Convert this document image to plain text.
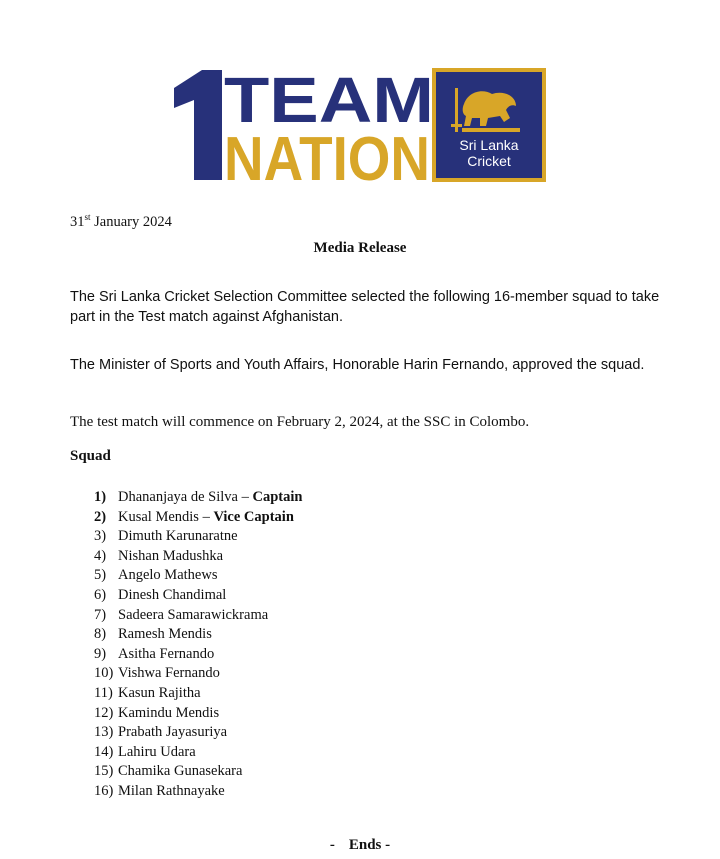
TEAM
NATION Sri Lanka
Cricket
31st January 2024
Media Release
The Sri Lanka Cricket Selection Committee selected the following 16-member squad to take part in the Test match against Afghanistan.
The Minister of Sports and Youth Affairs, Honorable Harin Fernando, approved the squad.
The test match will commence on February 2, 2024, at the SSC in Colombo.
Squad
1) Dhananjaya de Silva – Captain
2) Kusal Mendis – Vice Captain
3) Dimuth Karunaratne
4) Nishan Madushka
5) Angelo Mathews
6) Dinesh Chandimal
7) Sadeera Samarawickrama
8) Ramesh Mendis
9) Asitha Fernando
10) Vishwa Fernando
11) Kasun Rajitha
12) Kamindu Mendis
13) Prabath Jayasuriya
14) Lahiru Udara
15) Chamika Gunasekara
16) Milan Rathnayake
- Ends -
